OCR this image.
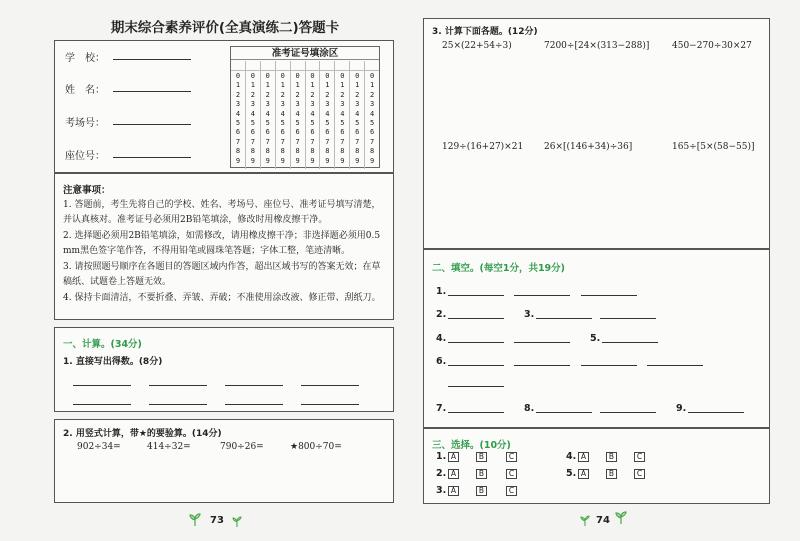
期末综合素养评价(全真演练二)答题卡
学　校：
姓　名：
考场号：
座位号：
准考证号填涂区
0
1
2
3
4
5
6
7
8
9
0
1
2
3
4
5
6
7
8
9
0
1
2
3
4
5
6
7
8
9
0
1
2
3
4
5
6
7
8
9
0
1
2
3
4
5
6
7
8
9
0
1
2
3
4
5
6
7
8
9
0
1
2
3
4
5
6
7
8
9
0
1
2
3
4
5
6
7
8
9
0
1
2
3
4
5
6
7
8
9
0
1
2
3
4
5
6
7
8
9
注意事项：
1. 答题前，考生先将自己的学校、姓名、考场号、座位号、准考证号填写清楚，并认真核对。准考证号必须用2B铅笔填涂，修改时用橡皮擦干净。
2. 选择题必须用2B铅笔填涂，如需修改，请用橡皮擦干净；非选择题必须用0.5 mm黑色签字笔作答，不得用铅笔或圆珠笔答题；字体工整，笔迹清晰。
3. 请按照题号顺序在各题目的答题区域内作答，超出区域书写的答案无效；在草稿纸、试题卷上答题无效。
4. 保持卡面清洁，不要折叠、弄皱、弄破；不准使用涂改液、修正带、刮纸刀。
一、计算。(34分)
1. 直接写出得数。(8分)
2. 用竖式计算，带★的要验算。(14分)
902÷34=	414÷32=	790÷26=	★800÷70=
73
3. 计算下面各题。(12分)
25×(22+54÷3)	7200÷[24×(313−288)]	450−270÷30×27
129÷(16+27)×21 26×[(146+34)÷36]	165÷[5×(58−55)]
二、填空。(每空1分，共19分)
1.
2.	3.
4.	5.
6.
7.	8.	9.
三、选择。(10分)
1. A	B	C	4. A	B	C
2. A	B	C	5. A	B	C
3. A	B	C
74
